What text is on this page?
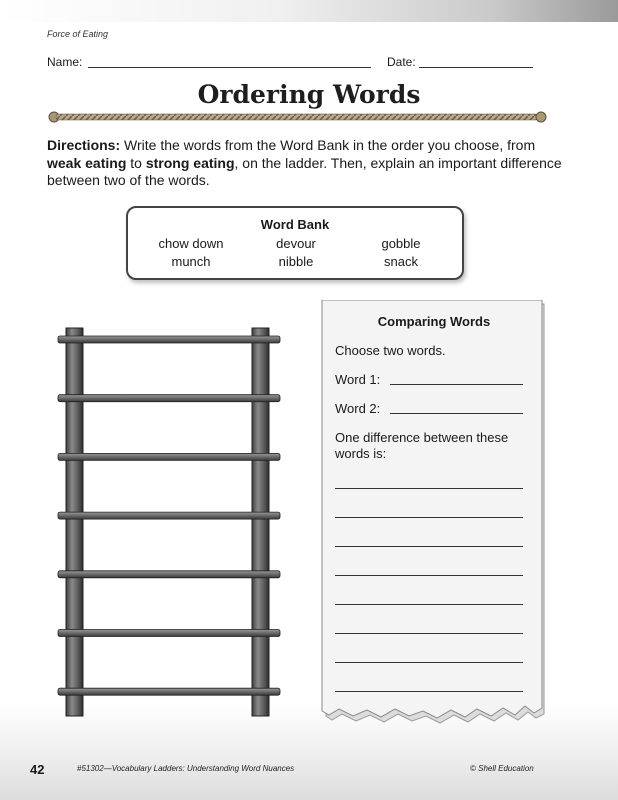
Force of Eating
Name:	Date:
Ordering Words
Directions: Write the words from the Word Bank in the order you choose, from weak eating to strong eating, on the ladder. Then, explain an important difference between two of the words.
Word Bank
chow down	devour	gobble
munch	nibble	snack
Comparing Words
Choose two words.
Word 1:
Word 2:
One difference between these
words is:
42	#51302—Vocabulary Ladders: Understanding Word Nuances	© Shell Education
